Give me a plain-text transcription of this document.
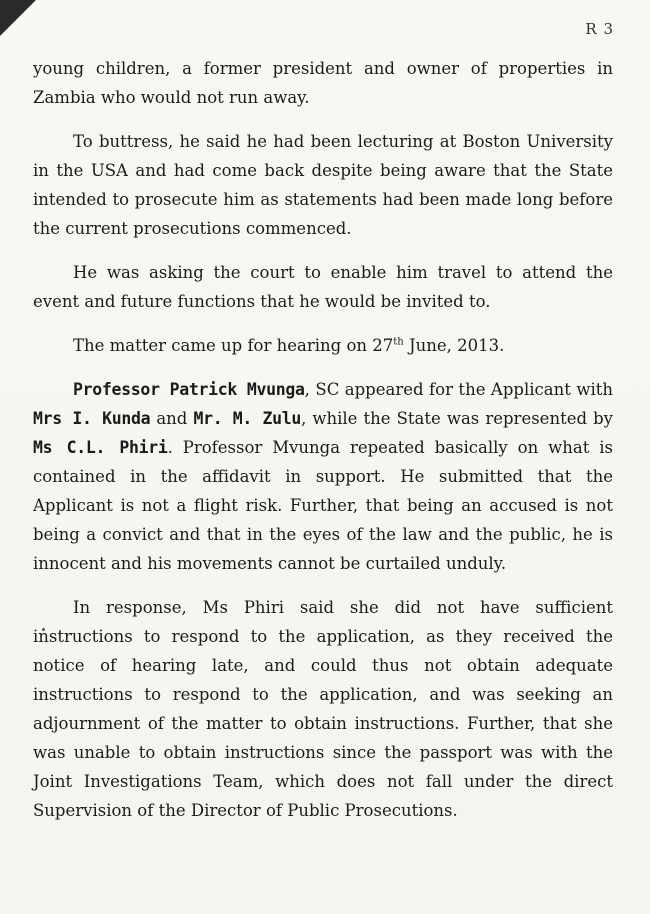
R 3

young children, a former president and owner of properties in Zambia who would not run away.

To buttress, he said he had been lecturing at Boston University in the USA and had come back despite being aware that the State intended to prosecute him as statements had been made long before the current prosecutions commenced.

He was asking the court to enable him travel to attend the event and future functions that he would be invited to.

The matter came up for hearing on 27th June, 2013.

Professor Patrick Mvunga, SC appeared for the Applicant with Mrs I. Kunda and Mr. M. Zulu, while the State was represented by Ms C.L. Phiri. Professor Mvunga repeated basically on what is contained in the affidavit in support. He submitted that the Applicant is not a flight risk. Further, that being an accused is not being a convict and that in the eyes of the law and the public, he is innocent and his movements cannot be curtailed unduly.

In response, Ms Phiri said she did not have sufficient instructions to respond to the application, as they received the notice of hearing late, and could thus not obtain adequate instructions to respond to the application, and was seeking an adjournment of the matter to obtain instructions. Further, that she was unable to obtain instructions since the passport was with the Joint Investigations Team, which does not fall under the direct Supervision of the Director of Public Prosecutions.
